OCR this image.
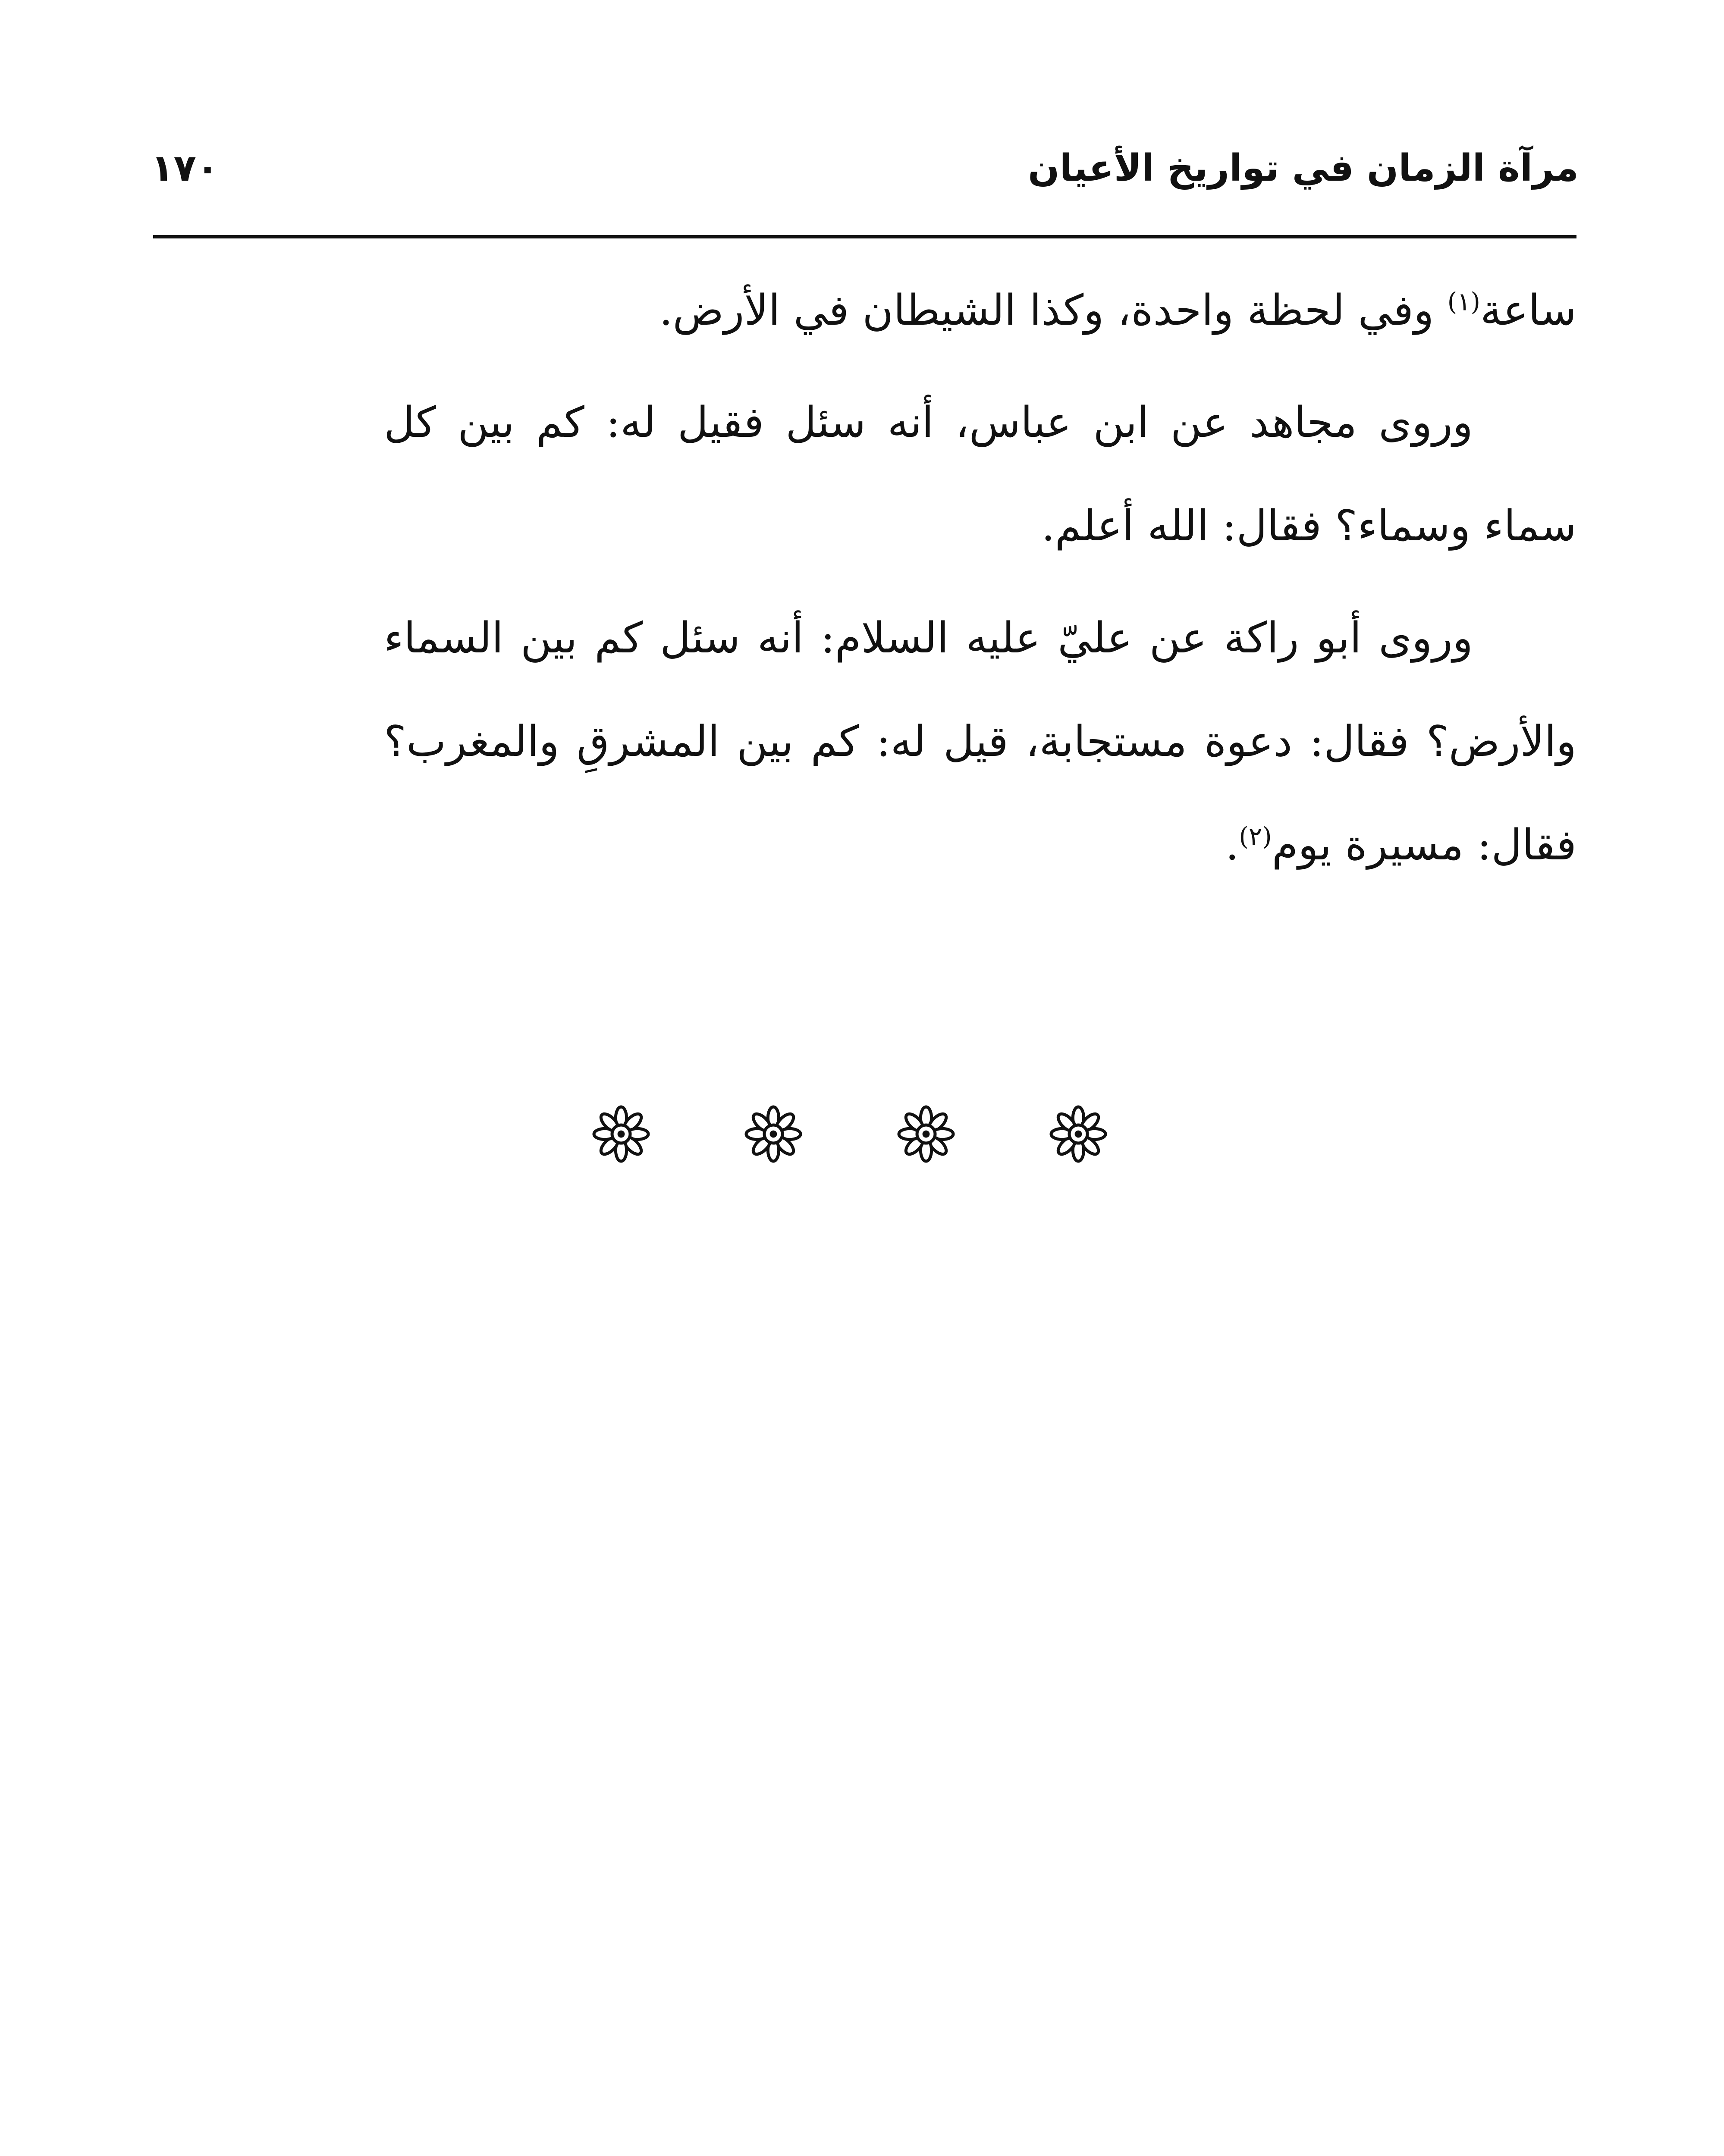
مرآة الزمان في تواريخ الأعيان
١٧٠

ساعة$^{(١)}$ وفي لحظة واحدة، وكذا الشيطان في الأرض.

وروى مجاهد عن ابن عباس، أنه سئل فقيل له: كم بين كل سماء وسماء؟ فقال: الله أعلم.

وروى أبو راكة عن عليّ عليه السلام: أنه سئل كم بين السماء والأرض؟ فقال: دعوة مستجابة، قيل له: كم بين المشرقِ والمغرب؟ فقال: مسيرة يوم$^{(٢)}$.
